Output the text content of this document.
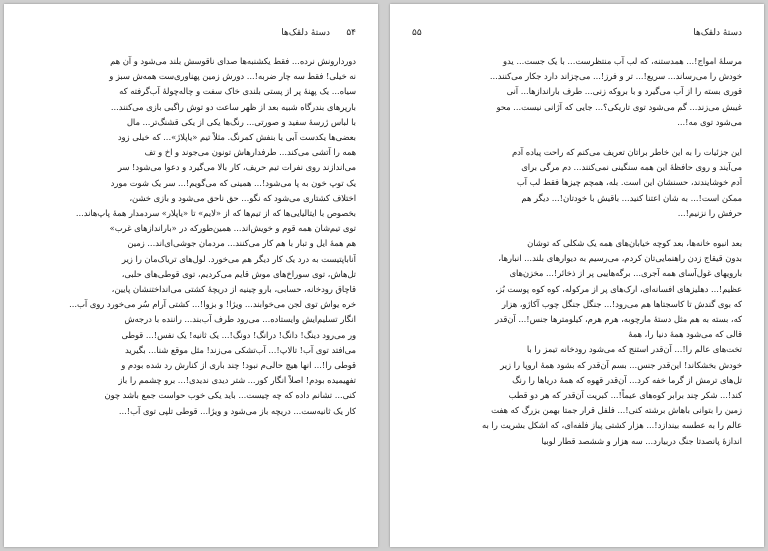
۵۴
دستهٔ دلقک‌ها
دوردارونش نرده... فقط یکشنبه‌ها صدای ناقوسش بلند می‌شود و آن هم
نه خیلی! فقط سه چار ضربه!... دورش زمین پهناوری‌ست همه‌ش سبز و
سیاه... یک پهنهٔ پر از پستی بلندی خاک سفت و چاله‌چولهٔ آب‌گرفته که
بارپرهای بندرگاه شبیه بعد از ظهر ساعت دو توش راگبی بازی می‌کنند...
با لباس ژرسهٔ سفید و صورتی... رنگ‌ها یکی از یکی قشنگ‌تر... مال
بعضی‌ها یکدست آبی یا بنفش کمرنگ. مثلاً تیم «یاپلاژ»... که خیلی زود
همه را آتشی می‌کند... طرفدارهاش تونون می‌جوند و اخ و تف
می‌اندازند روی نفرات تیم حریف، کار بالا می‌گیرد و دعوا می‌شود! سر
یک توپ خون به پا می‌شود!... همینی که می‌گویم!... سر یک شوت مورد
اختلاف کشتاری می‌شود که نگو... حق ناحق می‌شود و بازی خشن،
بخصوص با ایتالیایی‌ها که از تیم‌ها که از «لایم» تا «یاپلار» سردمدار همهٔ پاپ‌هاند...
توی تیم‌شان همه قوم و خویش‌اند... همین‌طورکه در «باراندازهای غرب»
هم همهٔ ایل و تبار با هم کار می‌کنند... مردمان جوشی‌ای‌اند... زمین
آناباپتیست به درد یک کار دیگر هم می‌خورد. لول‌های تریاک‌مان را زیر
تل‌هاش، توی سوراخ‌های موش قایم می‌کردیم، توی قوطی‌های حلبی،
قاچاق رودخانه، حسابی، بارو چینیه از دریچهٔ کشتی می‌انداختنشان پایین،
خره یواش توی لجن می‌خوابند... ویژا! و بزوا!... کشتی آرام سُر می‌خورد روی آب...
انگار تسلیم‌ایش وایستاده... می‌رود طرف آب‌بند... راننده با درجه‌ش
ور می‌رود دینگ! دانگ! درانگ! دونگ!... یک ثانیه! یک نفس!... قوطی
می‌افتد توی آب! تالاپ!... آب‌تشکی می‌زند! مثل موقع شنا... بگیرید
قوطی را!... انها هیچ حالی‌م نبود! چند باری از کنارش رد شده بودم و
تفهیمیده بودم! اصلاً انگار کور... شتر دیدی ندیدی!... برو چشمم را باز
کنی... تشانم داده که چه چیست... باید یکی خوب حواست جمع باشد چون
کار یک ثانیه‌ست... دریچه باز می‌شود و ویژا... قوطی تلپی توی آب!...
۵۵	دستهٔ دلقک‌ها
مرسلهٔ امواج!... همدستنه، که لب آب منتظرست... با یک جست... یدو
خودش را می‌رساند... سریع!... تر و فرز!... می‌چزاند دارد جکار می‌کنند...
قوری بسته را از آب می‌گیرد و با بروکه زنی... طرف باراندازها... آنی
غیبش می‌زند... گم می‌شود توی تاریکی؟... جایی که آژانی نیست... محو
می‌شود توی مه!...
این جزئیات را به این خاطر براتان تعریف می‌کنم که راحت پیاده آدم
می‌آیند و روی حافظهٔ این همه سنگینی نمی‌کنند... دم مرگی برای
آدم خوشایندند، حسنشان این است. بله، همچم چیز‌ها فقط لب آب
ممکن است!... به شان اعتنا کنید... باقیش با خودتان!... دیگر هم
حرفش را نزنیم!...
بعد انبوه خانه‌ها، بعد کوچه خیابان‌های همه یک شکلی که تو‌شان
بدون قیقاج زدن راهنمایی‌تان کردم، می‌رسیم به دیوارهای بلند... انبارها،
بارویهای غول‌آسای همه آجری... برگه‌هاییی پر از ذخائر!... مخزن‌های
عظیم!... دهلیزهای افسانه‌ای، ارک‌های پر از مرکوله، کوه کوه پوست بُز،
که بوی گندش تا کاسجتاها هم می‌رود!... جنگل جنگل چوب آکاژو، هزار
که، بسته به هم مثل دستهٔ مارچوبه، هرم هرم، کیلومترها جنس!... آن‌قدر
قالی که می‌شود همهٔ دنیا را، همهٔ
تخت‌های عالم را!... آن‌قدر استنج که می‌شود رودخانه تیمز را با
خودش بخشکاند! این‌قدر جنس... بسم آن‌قدر که بشود همهٔ اروپا را زیر
تل‌های ترمش از گرما خفه کرد... آن‌قدر قهوه که همهٔ دریاها را رنگ
کند!... شکر چند برابر کوه‌های عیماً!... کبریت آن‌قدر که هر دو قطب
زمین را بتوانی باهاش برشته کنی!... فلفل قرار جمتا بهمن بزرگ که هفت
عالم را به عطسه بیندازد!... هزار کشتی پیاز فلفه‌ای، که اشکل بشریت را به
اندازهٔ پانصدتا جنگ دربیارد... سه هزار و ششصد قطار لوبیا
